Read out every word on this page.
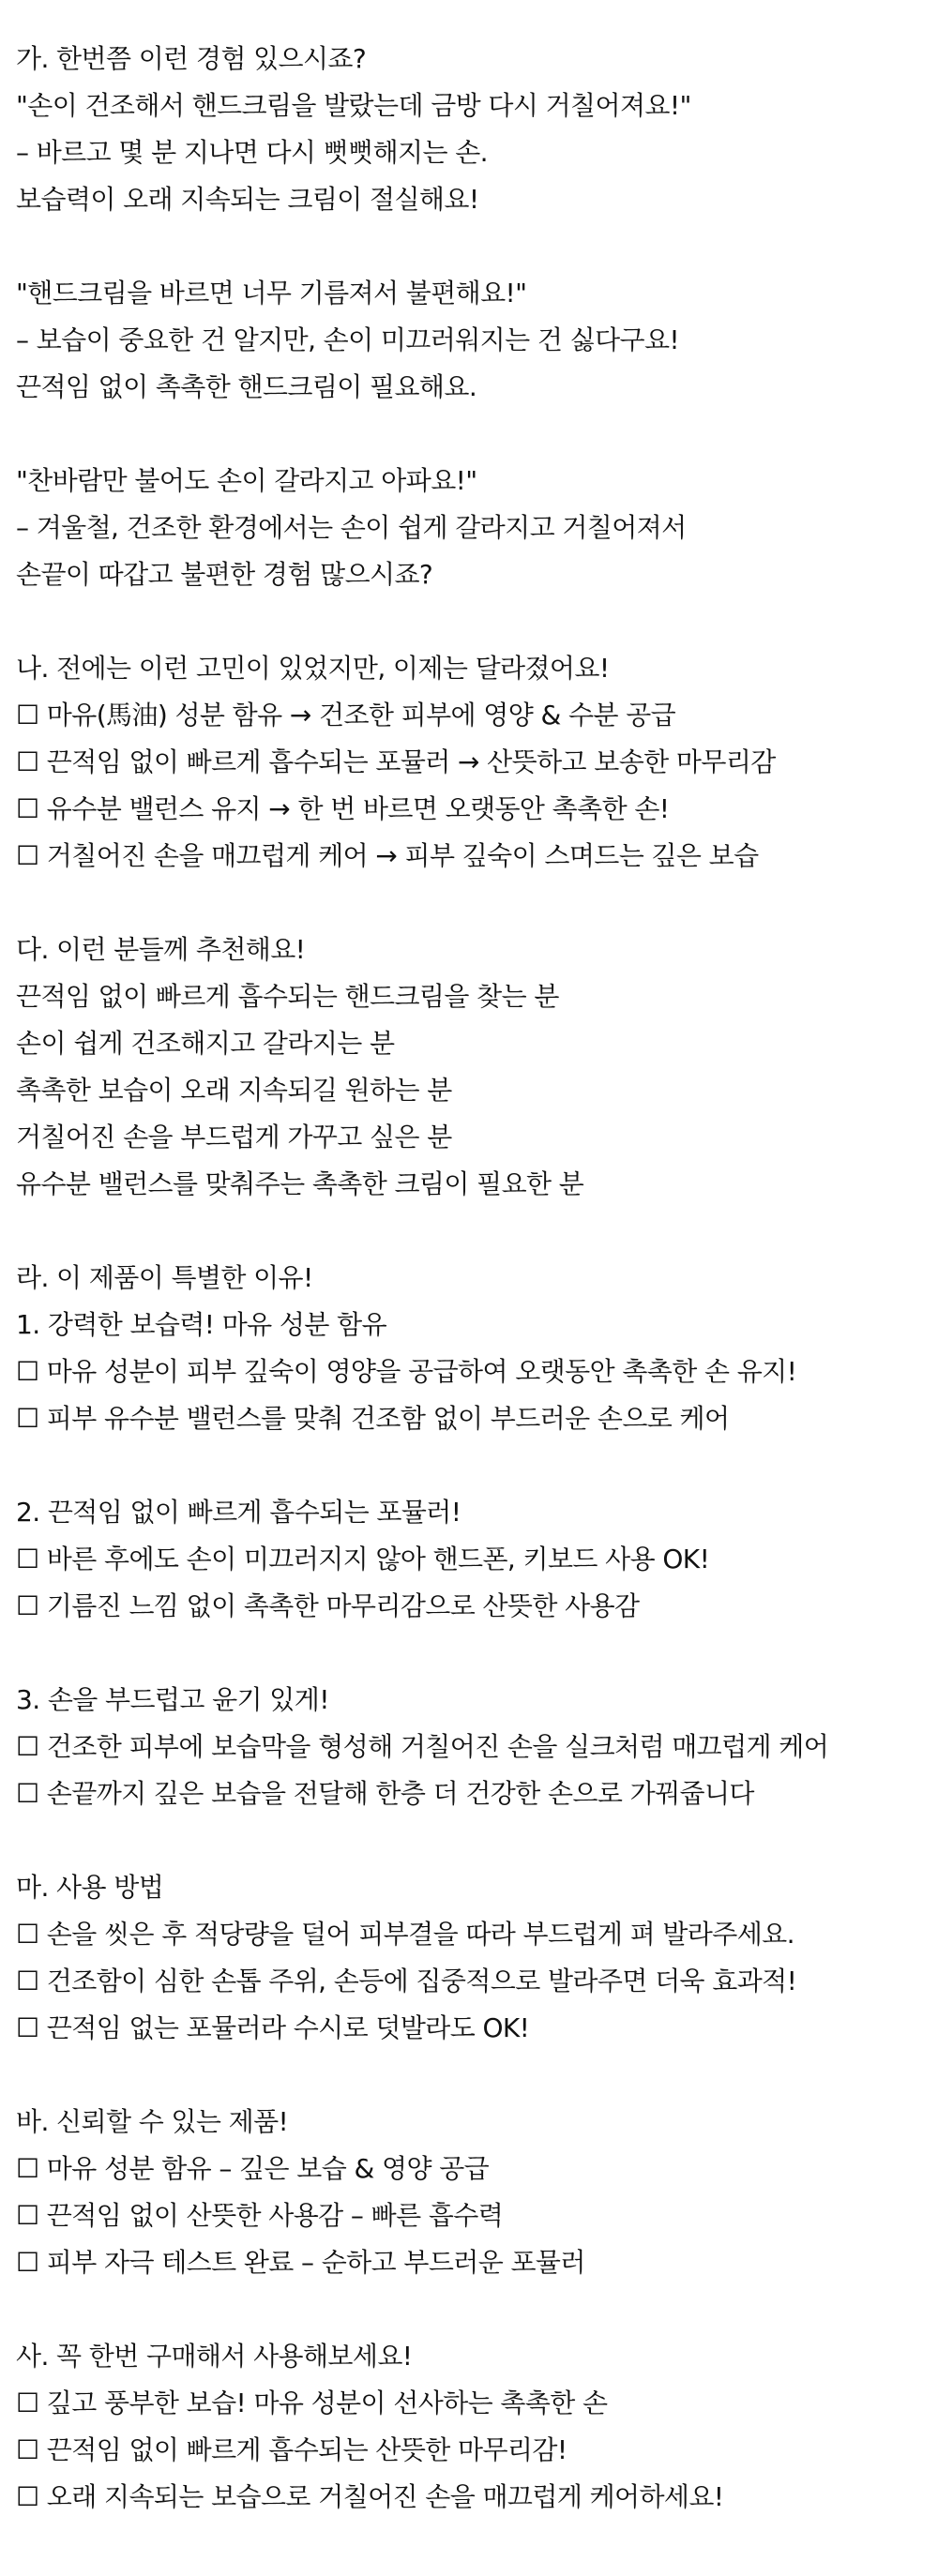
가. 한번쯤 이런 경험 있으시죠?
"손이 건조해서 핸드크림을 발랐는데 금방 다시 거칠어져요!"
– 바르고 몇 분 지나면 다시 뻣뻣해지는 손.
보습력이 오래 지속되는 크림이 절실해요!
"핸드크림을 바르면 너무 기름져서 불편해요!"
– 보습이 중요한 건 알지만, 손이 미끄러워지는 건 싫다구요!
끈적임 없이 촉촉한 핸드크림이 필요해요.
"찬바람만 불어도 손이 갈라지고 아파요!"
– 겨울철, 건조한 환경에서는 손이 쉽게 갈라지고 거칠어져서
손끝이 따갑고 불편한 경험 많으시죠?
나. 전에는 이런 고민이 있었지만, 이제는 달라졌어요!
☐ 마유(馬油) 성분 함유 → 건조한 피부에 영양 & 수분 공급
☐ 끈적임 없이 빠르게 흡수되는 포뮬러 → 산뜻하고 보송한 마무리감
☐ 유수분 밸런스 유지 → 한 번 바르면 오랫동안 촉촉한 손!
☐ 거칠어진 손을 매끄럽게 케어 → 피부 깊숙이 스며드는 깊은 보습
다. 이런 분들께 추천해요!
끈적임 없이 빠르게 흡수되는 핸드크림을 찾는 분
손이 쉽게 건조해지고 갈라지는 분
촉촉한 보습이 오래 지속되길 원하는 분
거칠어진 손을 부드럽게 가꾸고 싶은 분
유수분 밸런스를 맞춰주는 촉촉한 크림이 필요한 분
라. 이 제품이 특별한 이유!
1. 강력한 보습력! 마유 성분 함유
☐ 마유 성분이 피부 깊숙이 영양을 공급하여 오랫동안 촉촉한 손 유지!
☐ 피부 유수분 밸런스를 맞춰 건조함 없이 부드러운 손으로 케어
2. 끈적임 없이 빠르게 흡수되는 포뮬러!
☐ 바른 후에도 손이 미끄러지지 않아 핸드폰, 키보드 사용 OK!
☐ 기름진 느낌 없이 촉촉한 마무리감으로 산뜻한 사용감
3. 손을 부드럽고 윤기 있게!
☐ 건조한 피부에 보습막을 형성해 거칠어진 손을 실크처럼 매끄럽게 케어
☐ 손끝까지 깊은 보습을 전달해 한층 더 건강한 손으로 가꿔줍니다
마. 사용 방법
☐ 손을 씻은 후 적당량을 덜어 피부결을 따라 부드럽게 펴 발라주세요.
☐ 건조함이 심한 손톱 주위, 손등에 집중적으로 발라주면 더욱 효과적!
☐ 끈적임 없는 포뮬러라 수시로 덧발라도 OK!
바. 신뢰할 수 있는 제품!
☐ 마유 성분 함유 – 깊은 보습 & 영양 공급
☐ 끈적임 없이 산뜻한 사용감 – 빠른 흡수력
☐ 피부 자극 테스트 완료 – 순하고 부드러운 포뮬러
사. 꼭 한번 구매해서 사용해보세요!
☐ 깊고 풍부한 보습! 마유 성분이 선사하는 촉촉한 손
☐ 끈적임 없이 빠르게 흡수되는 산뜻한 마무리감!
☐ 오래 지속되는 보습으로 거칠어진 손을 매끄럽게 케어하세요!
